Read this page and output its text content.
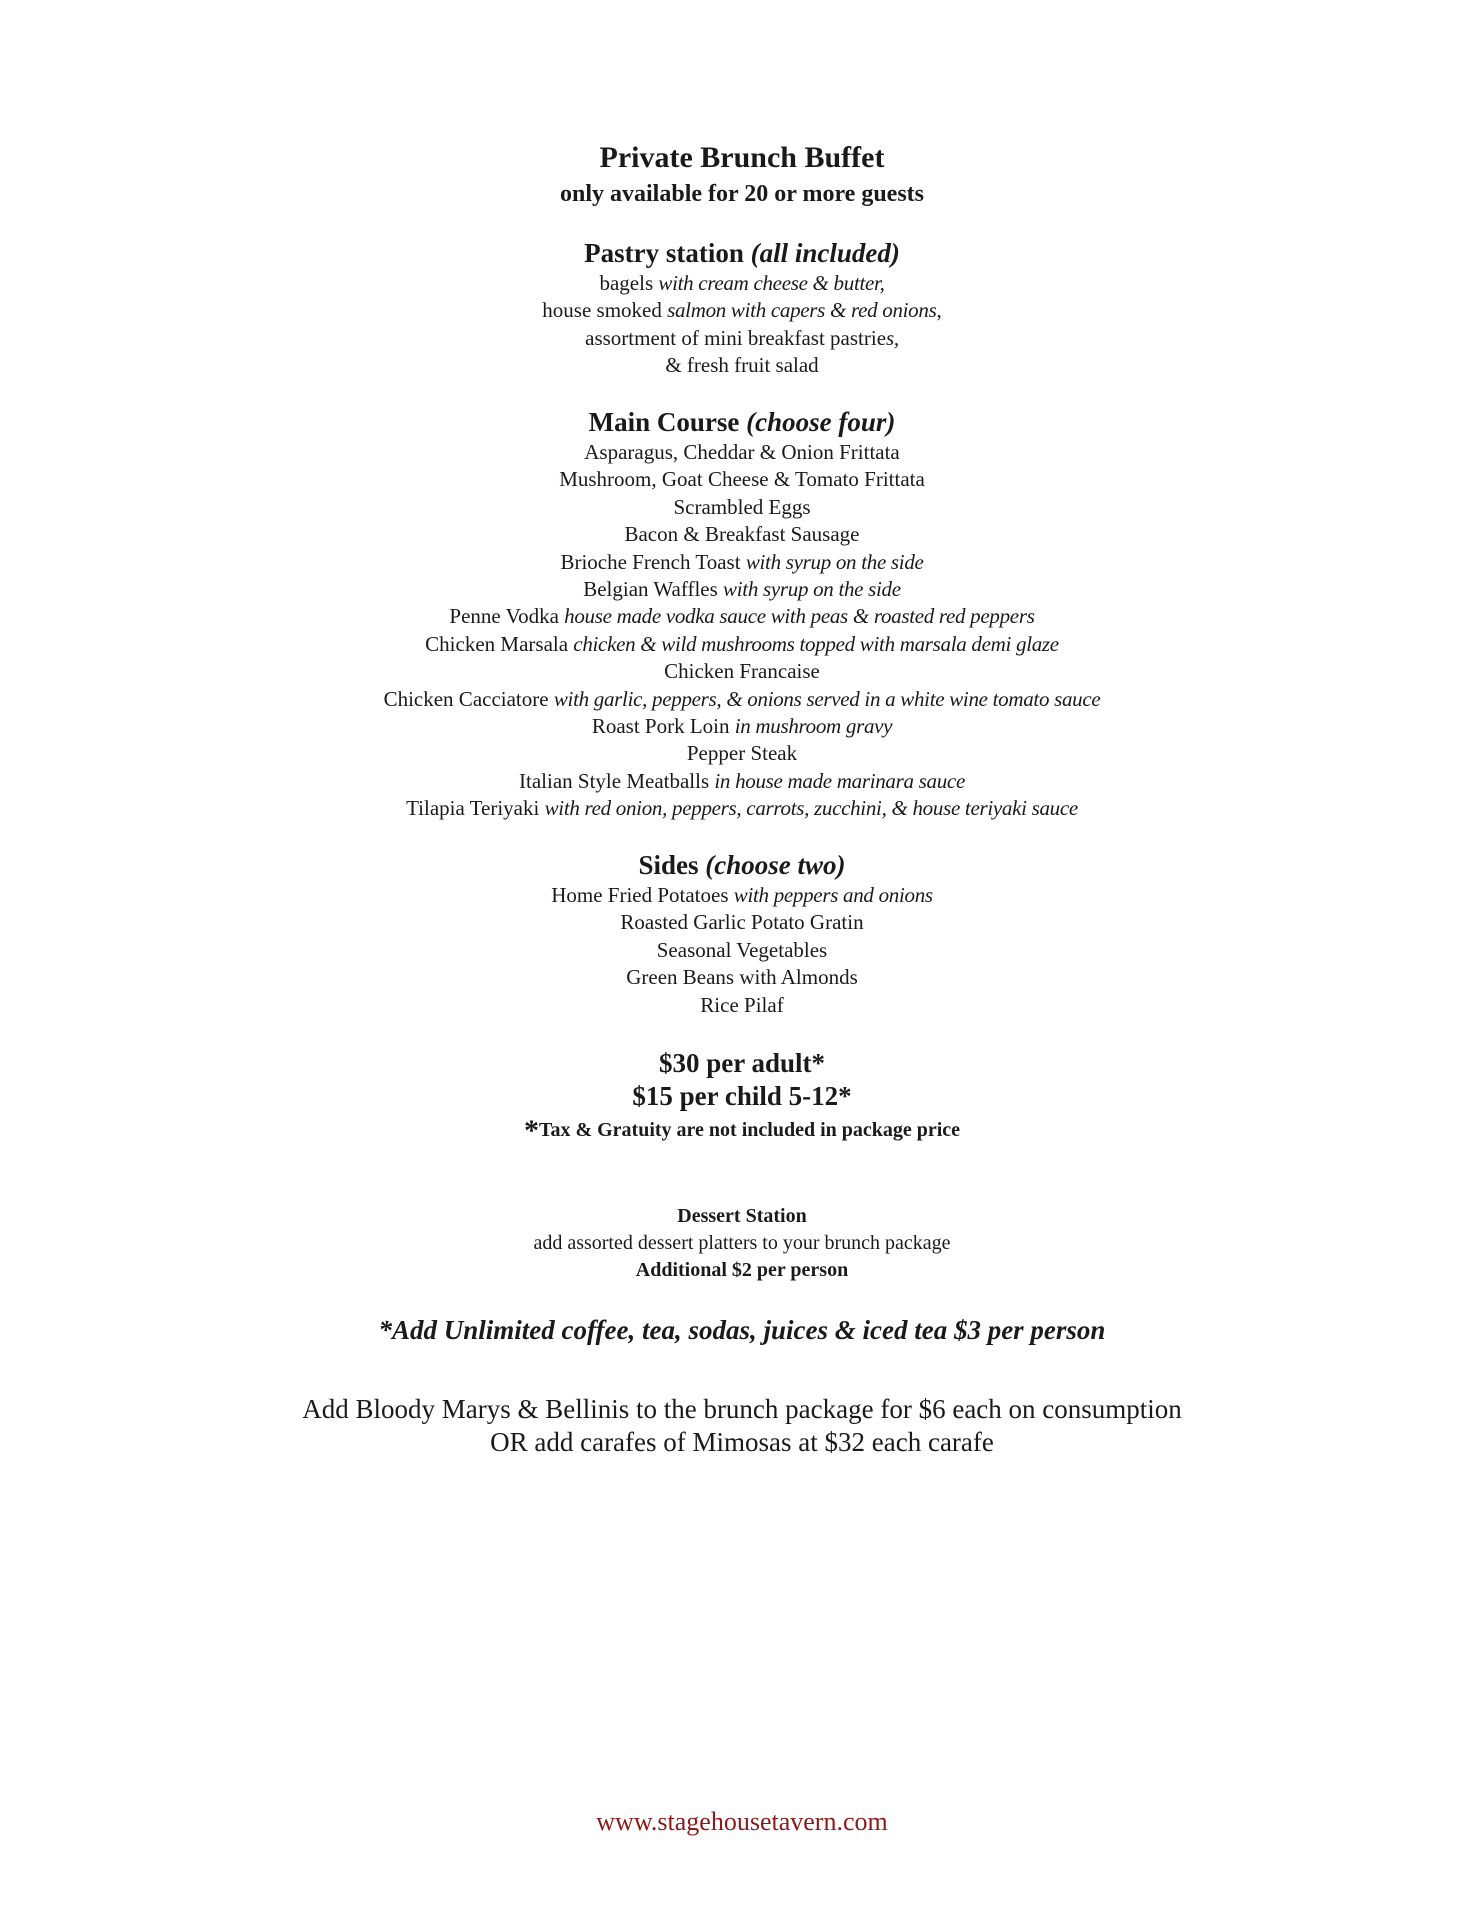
Private Brunch Buffet
only available for 20 or more guests
Pastry station (all included)
bagels with cream cheese & butter,
house smoked salmon with capers & red onions,
assortment of mini breakfast pastries,
& fresh fruit salad
Main Course (choose four)
Asparagus, Cheddar & Onion Frittata
Mushroom, Goat Cheese & Tomato Frittata
Scrambled Eggs
Bacon & Breakfast Sausage
Brioche French Toast with syrup on the side
Belgian Waffles with syrup on the side
Penne Vodka house made vodka sauce with peas & roasted red peppers
Chicken Marsala chicken & wild mushrooms topped with marsala demi glaze
Chicken Francaise
Chicken Cacciatore with garlic, peppers, & onions served in a white wine tomato sauce
Roast Pork Loin in mushroom gravy
Pepper Steak
Italian Style Meatballs in house made marinara sauce
Tilapia Teriyaki with red onion, peppers, carrots, zucchini, & house teriyaki sauce
Sides (choose two)
Home Fried Potatoes with peppers and onions
Roasted Garlic Potato Gratin
Seasonal Vegetables
Green Beans with Almonds
Rice Pilaf
$30 per adult*
$15 per child 5-12*
*Tax & Gratuity are not included in package price
Dessert Station
add assorted dessert platters to your brunch package
Additional $2 per person
*Add Unlimited coffee, tea, sodas, juices & iced tea $3 per person
Add Bloody Marys & Bellinis to the brunch package for $6 each on consumption
OR add carafes of Mimosas at $32 each carafe
www.stagehousetavern.com
